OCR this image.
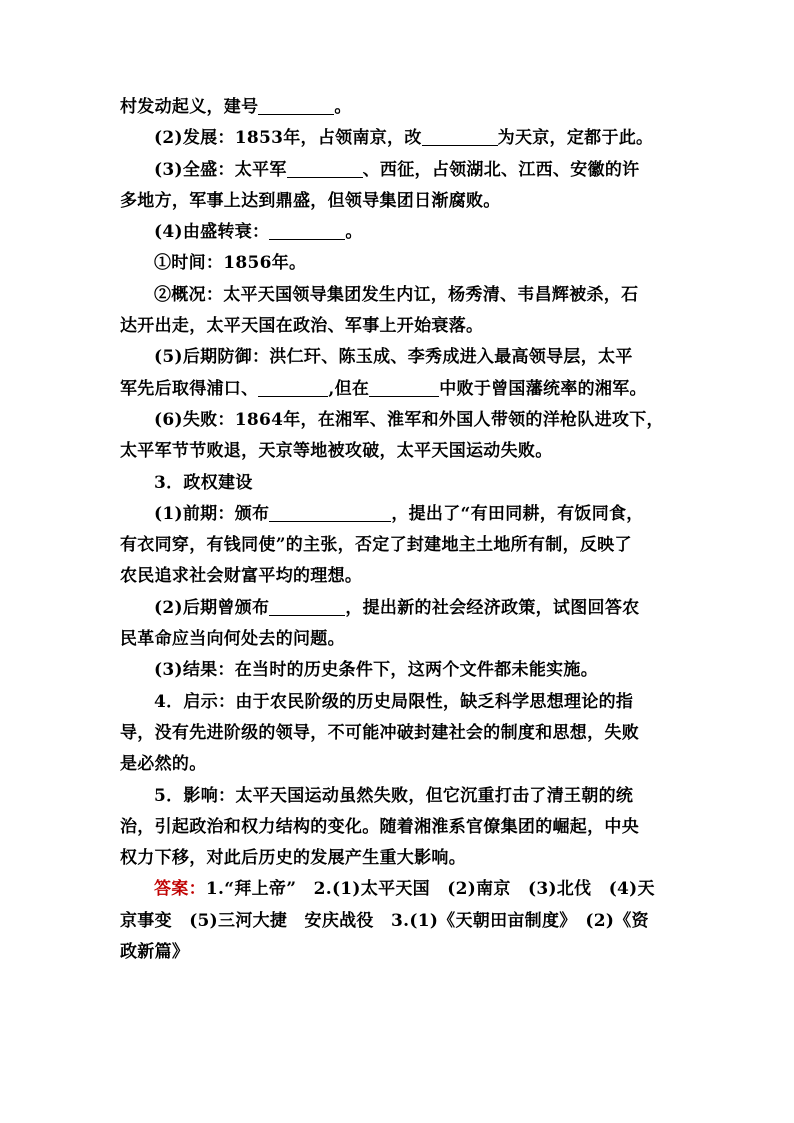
村发动起义，建号	。
(2)发展：1853年，占领南京，改	为天京，定都于此。
(3)全盛：太平军	、西征，占领湖北、江西、安徽的许
多地方，军事上达到鼎盛，但领导集团日渐腐败。
(4)由盛转衰：	。
①时间：1856年。
②概况：太平天国领导集团发生内讧，杨秀清、韦昌辉被杀，石
达开出走，太平天国在政治、军事上开始衰落。
(5)后期防御：洪仁玕、陈玉成、李秀成进入最高领导层，太平
军先后取得浦口、	,但在	中败于曾国藩统率的湘军。
(6)失败：1864年，在湘军、淮军和外国人带领的洋枪队进攻下，
太平军节节败退，天京等地被攻破，太平天国运动失败。
3．政权建设
(1)前期：颁布	，提出了“有田同耕，有饭同食，
有衣同穿，有钱同使”的主张，否定了封建地主土地所有制，反映了
农民追求社会财富平均的理想。
(2)后期曾颁布	，提出新的社会经济政策，试图回答农
民革命应当向何处去的问题。
(3)结果：在当时的历史条件下，这两个文件都未能实施。
4．启示：由于农民阶级的历史局限性，缺乏科学思想理论的指
导，没有先进阶级的领导，不可能冲破封建社会的制度和思想，失败
是必然的。
5．影响：太平天国运动虽然失败，但它沉重打击了清王朝的统
治，引起政治和权力结构的变化。随着湘淮系官僚集团的崛起，中央
权力下移，对此后历史的发展产生重大影响。
答案：1.“拜上帝”　2.(1)太平天国　(2)南京　(3)北伐　(4)天
京事变　(5)三河大捷　安庆战役　3.(1)《天朝田亩制度》　(2)《资
政新篇》
